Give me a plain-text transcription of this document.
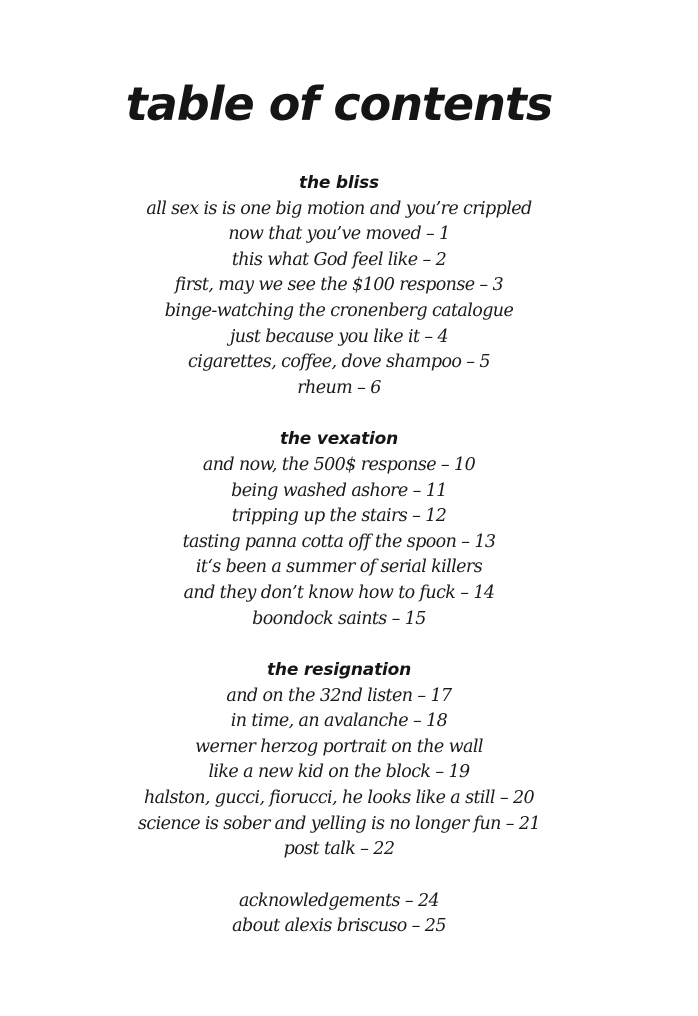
table of contents
the bliss
all sex is is one big motion and you’re crippled
now that you’ve moved – 1
this what God feel like – 2
first, may we see the $100 response – 3
binge-watching the cronenberg catalogue
just because you like it – 4
cigarettes, coffee, dove shampoo – 5
rheum – 6
the vexation
and now, the 500$ response – 10
being washed ashore – 11
tripping up the stairs – 12
tasting panna cotta off the spoon – 13
it‘s been a summer of serial killers
and they don’t know how to fuck – 14
boondock saints – 15
the resignation
and on the 32nd listen – 17
in time, an avalanche – 18
werner herzog portrait on the wall
like a new kid on the block – 19
halston, gucci, fiorucci, he looks like a still – 20
science is sober and yelling is no longer fun – 21
post talk – 22
acknowledgements – 24
about alexis briscuso – 25
